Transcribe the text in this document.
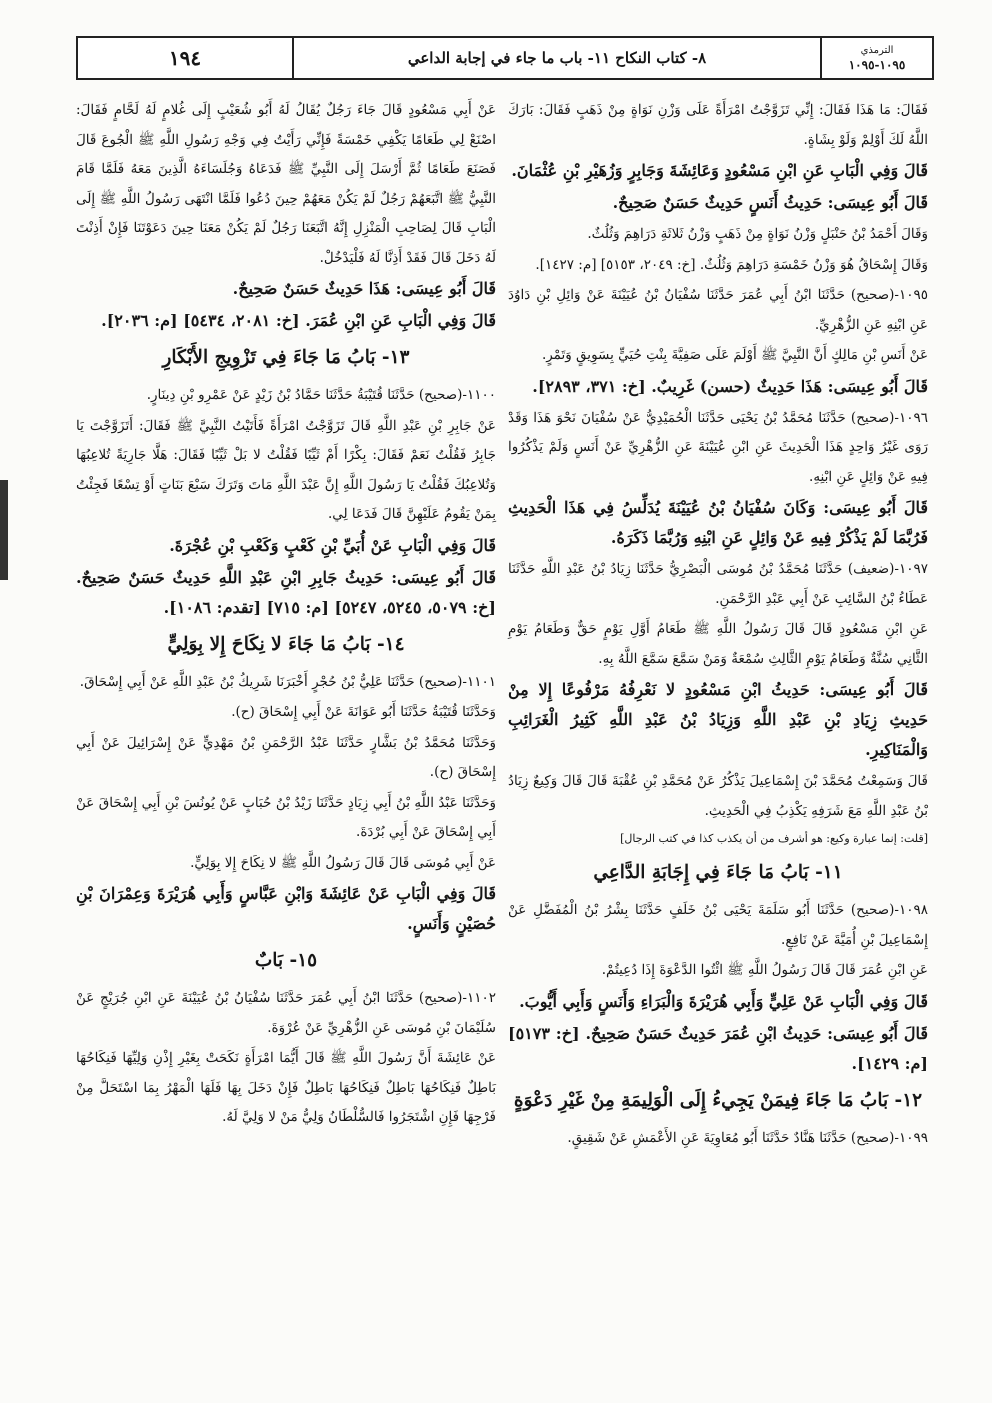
١٩٤	٨- كتاب النكاح ١١- باب ما جاء في إجابة الداعي	الترمذي
١٠٩٥-١٠٩٥
فَقَالَ: مَا هَذَا فَقَالَ: إِنِّي تَزَوَّجْتُ امْرَأَةً عَلَى وَزْنِ نَوَاةٍ مِنْ ذَهَبٍ فَقَالَ: بَارَكَ اللَّهُ لَكَ أَوْلِمْ وَلَوْ بِشَاةٍ.
قَالَ وَفِي الْبَابِ عَنِ ابْنِ مَسْعُودٍ وَعَائِشَةَ وَجَابِرٍ وَزُهَيْرِ بْنِ عُثْمَانَ.
قَالَ أَبُو عِيسَى: حَدِيثُ أَنَسٍ حَدِيثٌ حَسَنٌ صَحِيحٌ.
وَقَالَ أَحْمَدُ بْنُ حَنْبَلٍ وَزْنُ نَوَاةٍ مِنْ ذَهَبٍ وَزْنُ ثَلاثَةِ دَرَاهِمَ وَثُلُثٌ.
وَقَالَ إِسْحَاقُ هُوَ وَزْنُ خَمْسَةِ دَرَاهِمَ وَثُلُثٌ. [خ: ٢٠٤٩، ٥١٥٣] [م: ١٤٢٧].
١٠٩٥-(صحيح) حَدَّثَنَا ابْنُ أَبِي عُمَرَ حَدَّثَنَا سُفْيَانُ بْنُ عُيَيْنَةَ عَنْ وَائِلِ بْنِ دَاوُدَ عَنِ ابْنِهِ عَنِ الزُّهْرِيِّ.
عَنْ أَنَسِ بْنِ مَالِكٍ أَنَّ النَّبِيَّ ﷺ أَوْلَمَ عَلَى صَفِيَّةَ بِنْتِ حُيَيٍّ بِسَوِيقٍ وَتَمْرٍ.
قَالَ أَبُو عِيسَى: هَذَا حَدِيثٌ (حسن) غَرِيبٌ. [خ: ٣٧١، ٢٨٩٣].
١٠٩٦-(صحيح) حَدَّثَنَا مُحَمَّدُ بْنُ يَحْيَى حَدَّثَنَا الْحُمَيْدِيُّ عَنْ سُفْيَانَ نَحْوَ هَذَا وَقَدْ رَوَى غَيْرُ وَاحِدٍ هَذَا الْحَدِيثَ عَنِ ابْنِ عُيَيْنَةَ عَنِ الزُّهْرِيِّ عَنْ أَنَسٍ وَلَمْ يَذْكُرُوا فِيهِ عَنْ وَائِلٍ عَنِ ابْنِهِ.
قَالَ أَبُو عِيسَى: وَكَانَ سُفْيَانُ بْنُ عُيَيْنَةَ يُدَلِّسُ فِي هَذَا الْحَدِيثِ فَرُبَّمَا لَمْ يَذْكُرْ فِيهِ عَنْ وَائِلٍ عَنِ ابْنِهِ وَرُبَّمَا ذَكَرَهُ.
١٠٩٧-(ضعيف) حَدَّثَنَا مُحَمَّدُ بْنُ مُوسَى الْبَصْرِيُّ حَدَّثَنَا زِيَادُ بْنُ عَبْدِ اللَّهِ حَدَّثَنَا عَطَاءُ بْنُ السَّائِبِ عَنْ أَبِي عَبْدِ الرَّحْمَنِ.
عَنِ ابْنِ مَسْعُودٍ قَالَ قَالَ رَسُولُ اللَّهِ ﷺ طَعَامُ أَوَّلِ يَوْمٍ حَقٌّ وَطَعَامُ يَوْمِ الثَّانِي سُنَّةٌ وَطَعَامُ يَوْمِ الثَّالِثِ سُمْعَةٌ وَمَنْ سَمَّعَ سَمَّعَ اللَّهُ بِهِ.
قَالَ أَبُو عِيسَى: حَدِيثُ ابْنِ مَسْعُودٍ لا نَعْرِفُهُ مَرْفُوعًا إِلا مِنْ حَدِيثِ زِيَادِ بْنِ عَبْدِ اللَّهِ وَزِيَادُ بْنُ عَبْدِ اللَّهِ كَثِيرُ الْغَرَائِبِ وَالْمَنَاكِيرِ.
قَالَ وَسَمِعْتُ مُحَمَّدَ بْنَ إِسْمَاعِيلَ يَذْكُرُ عَنْ مُحَمَّدِ بْنِ عُقْبَةَ قَالَ قَالَ وَكِيعٌ زِيَادُ بْنُ عَبْدِ اللَّهِ مَعَ شَرَفِهِ يَكْذِبُ فِي الْحَدِيثِ.
[قلت: إنما عبارة وكيع: هو أشرف من أن يكذب كذا في كتب الرجال]
١١- بَابُ مَا جَاءَ فِي إِجَابَةِ الدَّاعِي
١٠٩٨-(صحيح) حَدَّثَنَا أَبُو سَلَمَةَ يَحْيَى بْنُ خَلَفٍ حَدَّثَنَا بِشْرُ بْنُ الْمُفَضَّلِ عَنْ إِسْمَاعِيلَ بْنِ أُمَيَّةَ عَنْ نَافِعٍ.
عَنِ ابْنِ عُمَرَ قَالَ قَالَ رَسُولُ اللَّهِ ﷺ ائْتُوا الدَّعْوَةَ إِذَا دُعِيتُمْ.
قَالَ وَفِي الْبَابِ عَنْ عَلِيٍّ وَأَبِي هُرَيْرَةَ وَالْبَرَاءِ وَأَنَسٍ وَأَبِي أَيُّوبَ.
قَالَ أَبُو عِيسَى: حَدِيثُ ابْنِ عُمَرَ حَدِيثٌ حَسَنٌ صَحِيحٌ. [خ: ٥١٧٣] [م: ١٤٢٩].
١٢- بَابُ مَا جَاءَ فِيمَنْ يَجِيءُ إِلَى الْوَلِيمَةِ مِنْ غَيْرِ دَعْوَةٍ
١٠٩٩-(صحيح) حَدَّثَنَا هَنَّادٌ حَدَّثَنَا أَبُو مُعَاوِيَةَ عَنِ الأَعْمَشِ عَنْ شَقِيقٍ.
عَنْ أَبِي مَسْعُودٍ قَالَ جَاءَ رَجُلٌ يُقَالُ لَهُ أَبُو شُعَيْبٍ إِلَى غُلامٍ لَهُ لَحَّامٍ فَقَالَ: اصْنَعْ لِي طَعَامًا يَكْفِي خَمْسَةً فَإِنِّي رَأَيْتُ فِي وَجْهِ رَسُولِ اللَّهِ ﷺ الْجُوعَ قَالَ فَصَنَعَ طَعَامًا ثُمَّ أَرْسَلَ إِلَى النَّبِيِّ ﷺ فَدَعَاهُ وَجُلَسَاءَهُ الَّذِينَ مَعَهُ فَلَمَّا قَامَ النَّبِيُّ ﷺ اتَّبَعَهُمْ رَجُلٌ لَمْ يَكُنْ مَعَهُمْ حِينَ دُعُوا فَلَمَّا انْتَهَى رَسُولُ اللَّهِ ﷺ إِلَى الْبَابِ قَالَ لِصَاحِبِ الْمَنْزِلِ إِنَّهُ اتَّبَعَنَا رَجُلٌ لَمْ يَكُنْ مَعَنَا حِينَ دَعَوْتَنَا فَإِنْ أَذِنْتَ لَهُ دَخَلَ قَالَ فَقَدْ أَذِنَّا لَهُ فَلْيَدْخُلْ.
قَالَ أَبُو عِيسَى: هَذَا حَدِيثٌ حَسَنٌ صَحِيحٌ.
قَالَ وَفِي الْبَابِ عَنِ ابْنِ عُمَرَ. [خ: ٢٠٨١، ٥٤٣٤] [م: ٢٠٣٦].
١٣- بَابُ مَا جَاءَ فِي تَزْوِيجِ الأَبْكَارِ
١١٠٠-(صحيح) حَدَّثَنَا قُتَيْبَةُ حَدَّثَنَا حَمَّادُ بْنُ زَيْدٍ عَنْ عَمْرِو بْنِ دِينَارٍ.
عَنْ جَابِرِ بْنِ عَبْدِ اللَّهِ قَالَ تَزَوَّجْتُ امْرَأَةً فَأَتَيْتُ النَّبِيَّ ﷺ فَقَالَ: أَتَزَوَّجْتَ يَا جَابِرُ فَقُلْتُ نَعَمْ فَقَالَ: بِكْرًا أَمْ ثَيِّبًا فَقُلْتُ لا بَلْ ثَيِّبًا فَقَالَ: هَلَّا جَارِيَةً تُلاعِبُهَا وَتُلاعِبُكَ فَقُلْتُ يَا رَسُولَ اللَّهِ إِنَّ عَبْدَ اللَّهِ مَاتَ وَتَرَكَ سَبْعَ بَنَاتٍ أَوْ تِسْعًا فَجِئْتُ بِمَنْ يَقُومُ عَلَيْهِنَّ قَالَ فَدَعَا لِي.
قَالَ وَفِي الْبَابِ عَنْ أُبَيِّ بْنِ كَعْبٍ وَكَعْبِ بْنِ عُجْرَةَ.
قَالَ أَبُو عِيسَى: حَدِيثُ جَابِرِ ابْنِ عَبْدِ اللَّهِ حَدِيثٌ حَسَنٌ صَحِيحٌ. [خ: ٥٠٧٩، ٥٢٤٥، ٥٢٤٧] [م: ٧١٥] [تقدم: ١٠٨٦].
١٤- بَابُ مَا جَاءَ لا نِكَاحَ إِلا بِوَلِيٍّ
١١٠١-(صحيح) حَدَّثَنَا عَلِيُّ بْنُ حُجْرٍ أَخْبَرَنَا شَرِيكُ بْنُ عَبْدِ اللَّهِ عَنْ أَبِي إِسْحَاقَ.
وَحَدَّثَنَا قُتَيْبَةُ حَدَّثَنَا أَبُو عَوَانَةَ عَنْ أَبِي إِسْحَاقَ (ح).
وَحَدَّثَنَا مُحَمَّدُ بْنُ بَشَّارٍ حَدَّثَنَا عَبْدُ الرَّحْمَنِ بْنُ مَهْدِيٍّ عَنْ إِسْرَائِيلَ عَنْ أَبِي إِسْحَاقَ (ح).
وَحَدَّثَنَا عَبْدُ اللَّهِ بْنُ أَبِي زِيَادٍ حَدَّثَنَا زَيْدُ بْنُ حُبَابٍ عَنْ يُونُسَ بْنِ أَبِي إِسْحَاقَ عَنْ أَبِي إِسْحَاقَ عَنْ أَبِي بُرْدَةَ.
عَنْ أَبِي مُوسَى قَالَ قَالَ رَسُولُ اللَّهِ ﷺ لا نِكَاحَ إِلا بِوَلِيٍّ.
قَالَ وَفِي الْبَابِ عَنْ عَائِشَةَ وَابْنِ عَبَّاسٍ وَأَبِي هُرَيْرَةَ وَعِمْرَانَ بْنِ حُصَيْنٍ وَأَنَسٍ.
١٥- بَابٌ
١١٠٢-(صحيح) حَدَّثَنَا ابْنُ أَبِي عُمَرَ حَدَّثَنَا سُفْيَانُ بْنُ عُيَيْنَةَ عَنِ ابْنِ جُرَيْجٍ عَنْ سُلَيْمَانَ بْنِ مُوسَى عَنِ الزُّهْرِيِّ عَنْ عُرْوَةَ.
عَنْ عَائِشَةَ أَنَّ رَسُولَ اللَّهِ ﷺ قَالَ أَيُّمَا امْرَأَةٍ نَكَحَتْ بِغَيْرِ إِذْنِ وَلِيِّهَا فَنِكَاحُهَا بَاطِلٌ فَنِكَاحُهَا بَاطِلٌ فَنِكَاحُهَا بَاطِلٌ فَإِنْ دَخَلَ بِهَا فَلَهَا الْمَهْرُ بِمَا اسْتَحَلَّ مِنْ فَرْجِهَا فَإِنِ اشْتَجَرُوا فَالسُّلْطَانُ وَلِيُّ مَنْ لا وَلِيَّ لَهُ.
